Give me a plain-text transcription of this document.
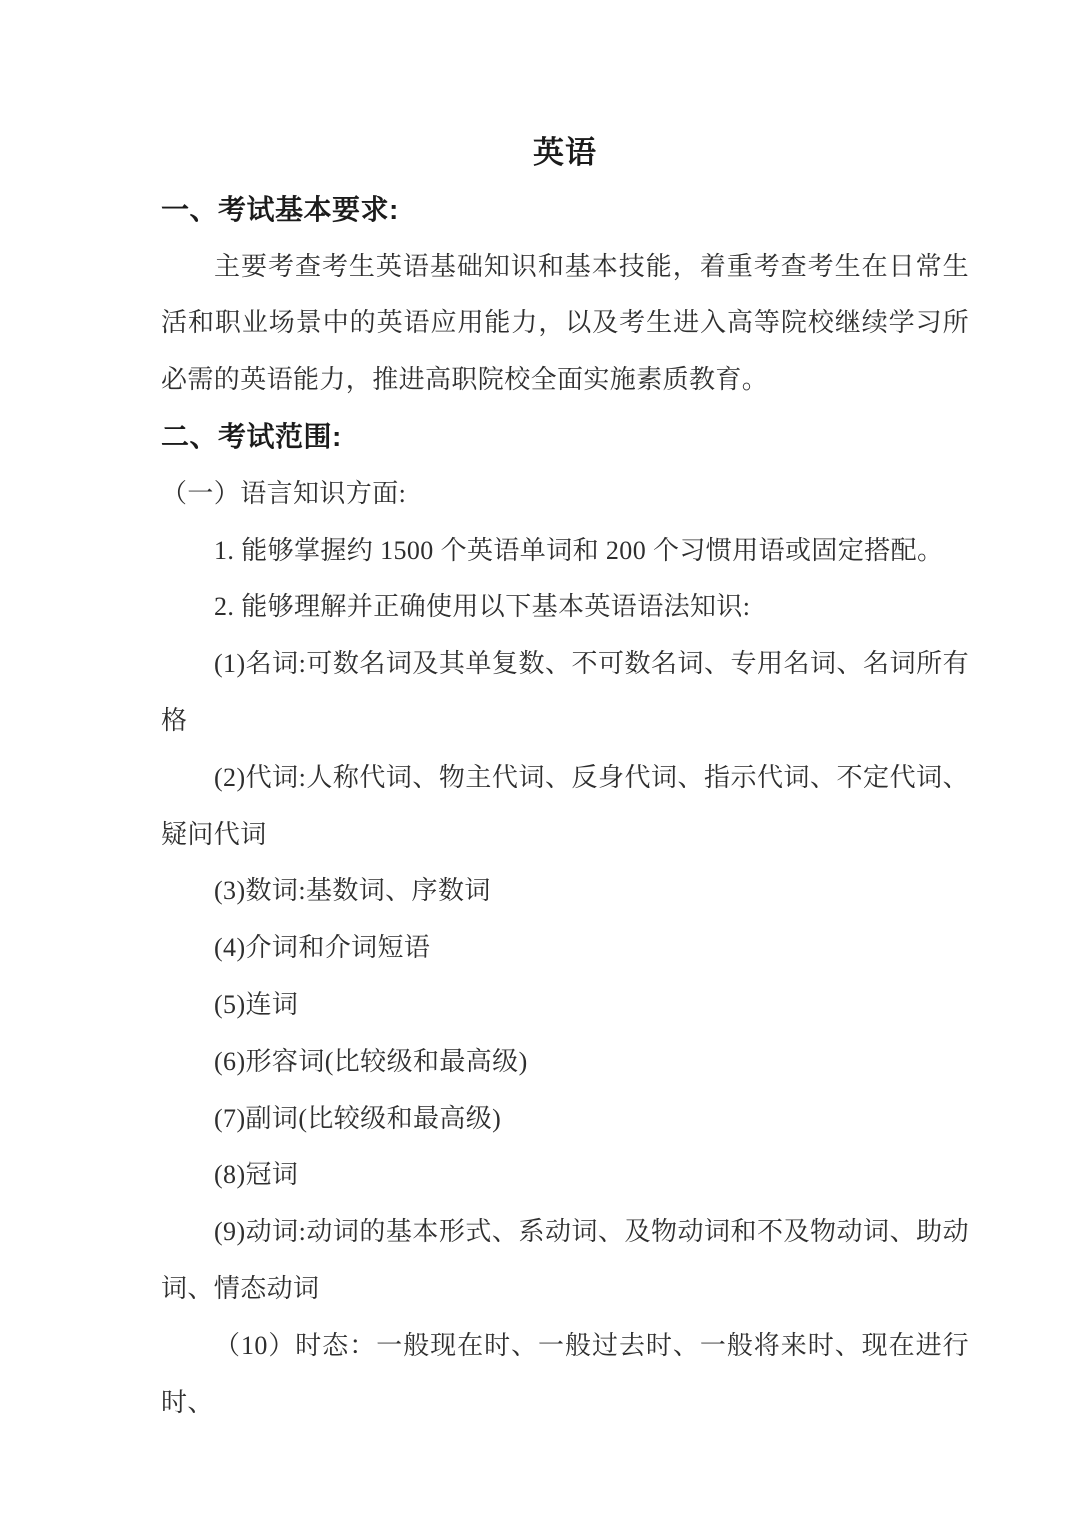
英语

一、考试基本要求:

主要考查考生英语基础知识和基本技能，着重考查考生在日常生活和职业场景中的英语应用能力，以及考生进入高等院校继续学习所必需的英语能力，推进高职院校全面实施素质教育。

二、考试范围:

（一）语言知识方面:

1. 能够掌握约 1500 个英语单词和 200 个习惯用语或固定搭配。

2. 能够理解并正确使用以下基本英语语法知识:

(1)名词:可数名词及其单复数、不可数名词、专用名词、名词所有格

(2)代词:人称代词、物主代词、反身代词、指示代词、不定代词、疑问代词

(3)数词:基数词、序数词

(4)介词和介词短语

(5)连词

(6)形容词(比较级和最高级)

(7)副词(比较级和最高级)

(8)冠词

(9)动词:动词的基本形式、系动词、及物动词和不及物动词、助动词、情态动词

（10）时态：一般现在时、一般过去时、一般将来时、现在进行时、
